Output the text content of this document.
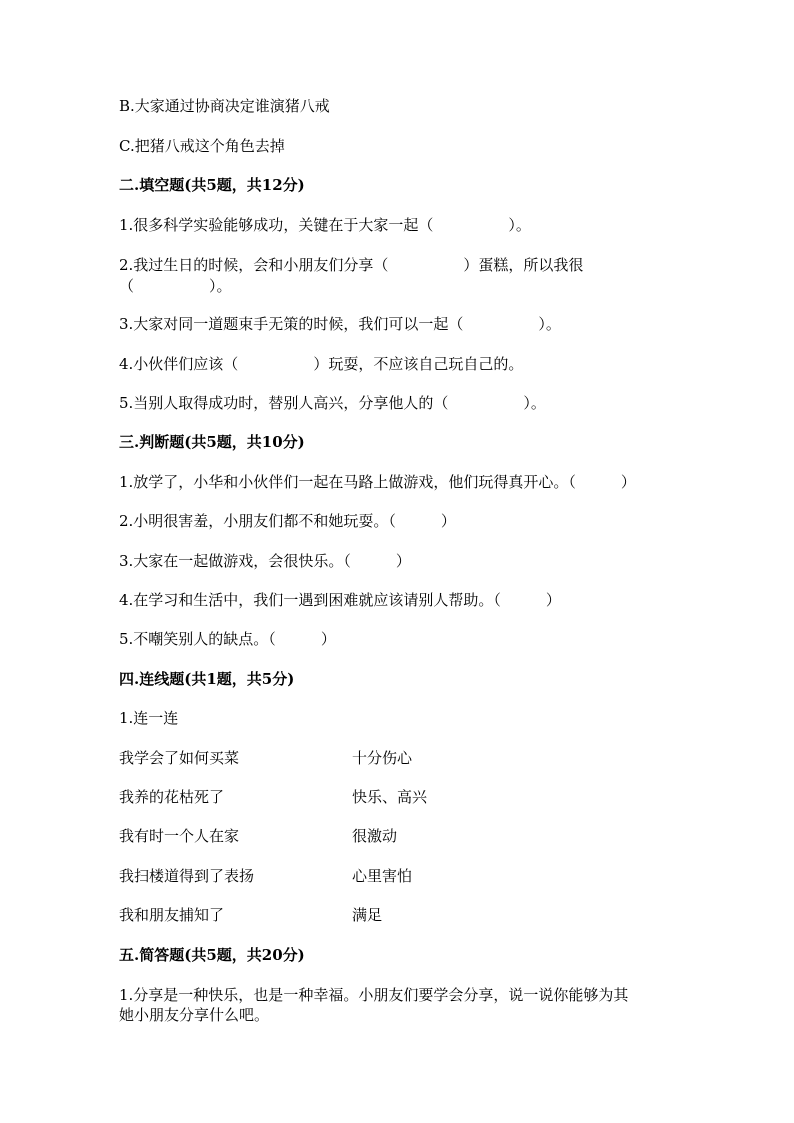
B.大家通过协商决定谁演猪八戒
C.把猪八戒这个角色去掉
二.填空题(共5题，共12分)
1.很多科学实验能够成功，关键在于大家一起（　　　　　）。
2.我过生日的时候，会和小朋友们分享（　　　　　）蛋糕，所以我很
（　　　　　）。
3.大家对同一道题束手无策的时候，我们可以一起（　　　　　）。
4.小伙伴们应该（　　　　　）玩耍，不应该自己玩自己的。
5.当别人取得成功时，替别人高兴，分享他人的（　　　　　）。
三.判断题(共5题，共10分)
1.放学了，小华和小伙伴们一起在马路上做游戏，他们玩得真开心。（　　　）
2.小明很害羞，小朋友们都不和她玩耍。（　　　）
3.大家在一起做游戏，会很快乐。（　　　）
4.在学习和生活中，我们一遇到困难就应该请别人帮助。（　　　）
5.不嘲笑别人的缺点。（　　　）
四.连线题(共1题，共5分)
1.连一连
我学会了如何买菜	十分伤心
我养的花枯死了	快乐、高兴
我有时一个人在家	很激动
我扫楼道得到了表扬	心里害怕
我和朋友捕知了	满足
五.简答题(共5题，共20分)
1.分享是一种快乐，也是一种幸福。小朋友们要学会分享，说一说你能够为其
她小朋友分享什么吧。
